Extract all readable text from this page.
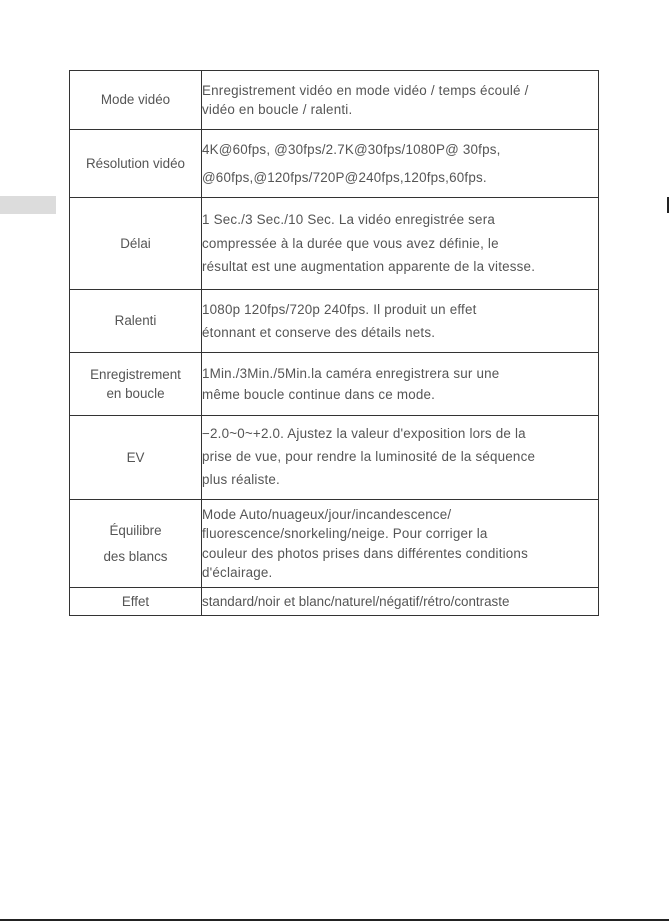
Mode vidéo	Enregistrement vidéo en mode vidéo / temps écoulé /
vidéo en boucle / ralenti.

Résolution vidéo	4K@60fps, @30fps/2.7K@30fps/1080P@ 30fps,
@60fps,@120fps/720P@240fps,120fps,60fps.

Délai	1 Sec./3 Sec./10 Sec. La vidéo enregistrée sera
compressée à la durée que vous avez définie, le
résultat est une augmentation apparente de la vitesse.

Ralenti	1080p 120fps/720p 240fps. Il produit un effet
étonnant et conserve des détails nets.

Enregistrement
en boucle	1Min./3Min./5Min.la caméra enregistrera sur une
même boucle continue dans ce mode.

EV	−2.0~0~+2.0. Ajustez la valeur d'exposition lors de la
prise de vue, pour rendre la luminosité de la séquence
plus réaliste.

Équilibre
des blancs	Mode Auto/nuageux/jour/incandescence/
fluorescence/snorkeling/neige. Pour corriger la
couleur des photos prises dans différentes conditions
d'éclairage.

Effet	standard/noir et blanc/naturel/négatif/rétro/contraste
